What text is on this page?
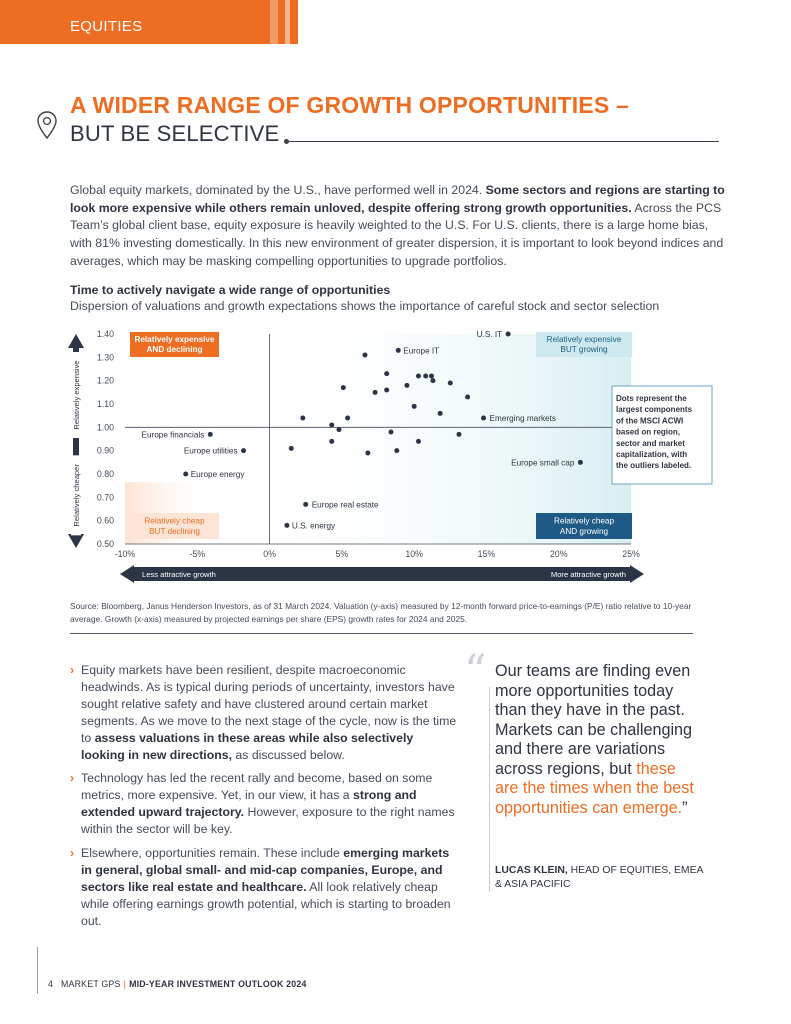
EQUITIES
A WIDER RANGE OF GROWTH OPPORTUNITIES –
BUT BE SELECTIVE
Global equity markets, dominated by the U.S., have performed well in 2024. Some sectors and regions are starting to look more expensive while others remain unloved, despite offering strong growth opportunities. Across the PCS Team’s global client base, equity exposure is heavily weighted to the U.S. For U.S. clients, there is a large home bias, with 81% investing domestically. In this new environment of greater dispersion, it is important to look beyond indices and averages, which may be masking compelling opportunities to upgrade portfolios.
Time to actively navigate a wide range of opportunities
Dispersion of valuations and growth expectations shows the importance of careful stock and sector selection
0.50
0.60
0.70
0.80
0.90
1.00
1.10
1.20
1.30
1.40
-10%	-5%	0%	5%	10%	15%	20%	25%
Relatively expensive
Relatively cheaper
Less attractive growth	More attractive growth
U.S. IT
Europe IT
Europe financials
Europe utilities
Europe energy
Emerging markets
Europe small cap
Europe real estate
U.S. energy
Relatively expensive
AND declining
Relatively expensive
BUT growing
Relatively cheap
BUT declining
Relatively cheap
AND growing
Dots represent the
largest components
of the MSCI ACWI
based on region,
sector and market
capitalization, with
the outliers labeled.
Source: Bloomberg, Janus Henderson Investors, as of 31 March 2024. Valuation (y-axis) measured by 12-month forward price-to-earnings (P/E) ratio relative to 10-year average. Growth (x-axis) measured by projected earnings per share (EPS) growth rates for 2024 and 2025.
› Equity markets have been resilient, despite macroeconomic headwinds. As is typical during periods of uncertainty, investors have sought relative safety and have clustered around certain market segments. As we move to the next stage of the cycle, now is the time to assess valuations in these areas while also selectively looking in new directions, as discussed below.
› Technology has led the recent rally and become, based on some metrics, more expensive. Yet, in our view, it has a strong and extended upward trajectory. However, exposure to the right names within the sector will be key.
› Elsewhere, opportunities remain. These include emerging markets in general, global small- and mid-cap companies, Europe, and sectors like real estate and healthcare. All look relatively cheap while offering earnings growth potential, which is starting to broaden out.
“ Our teams are finding even more opportunities today than they have in the past. Markets can be challenging and there are variations across regions, but these are the times when the best opportunities can emerge.”
LUCAS KLEIN, HEAD OF EQUITIES, EMEA & ASIA PACIFIC
4 MARKET GPS | MID-YEAR INVESTMENT OUTLOOK 2024
